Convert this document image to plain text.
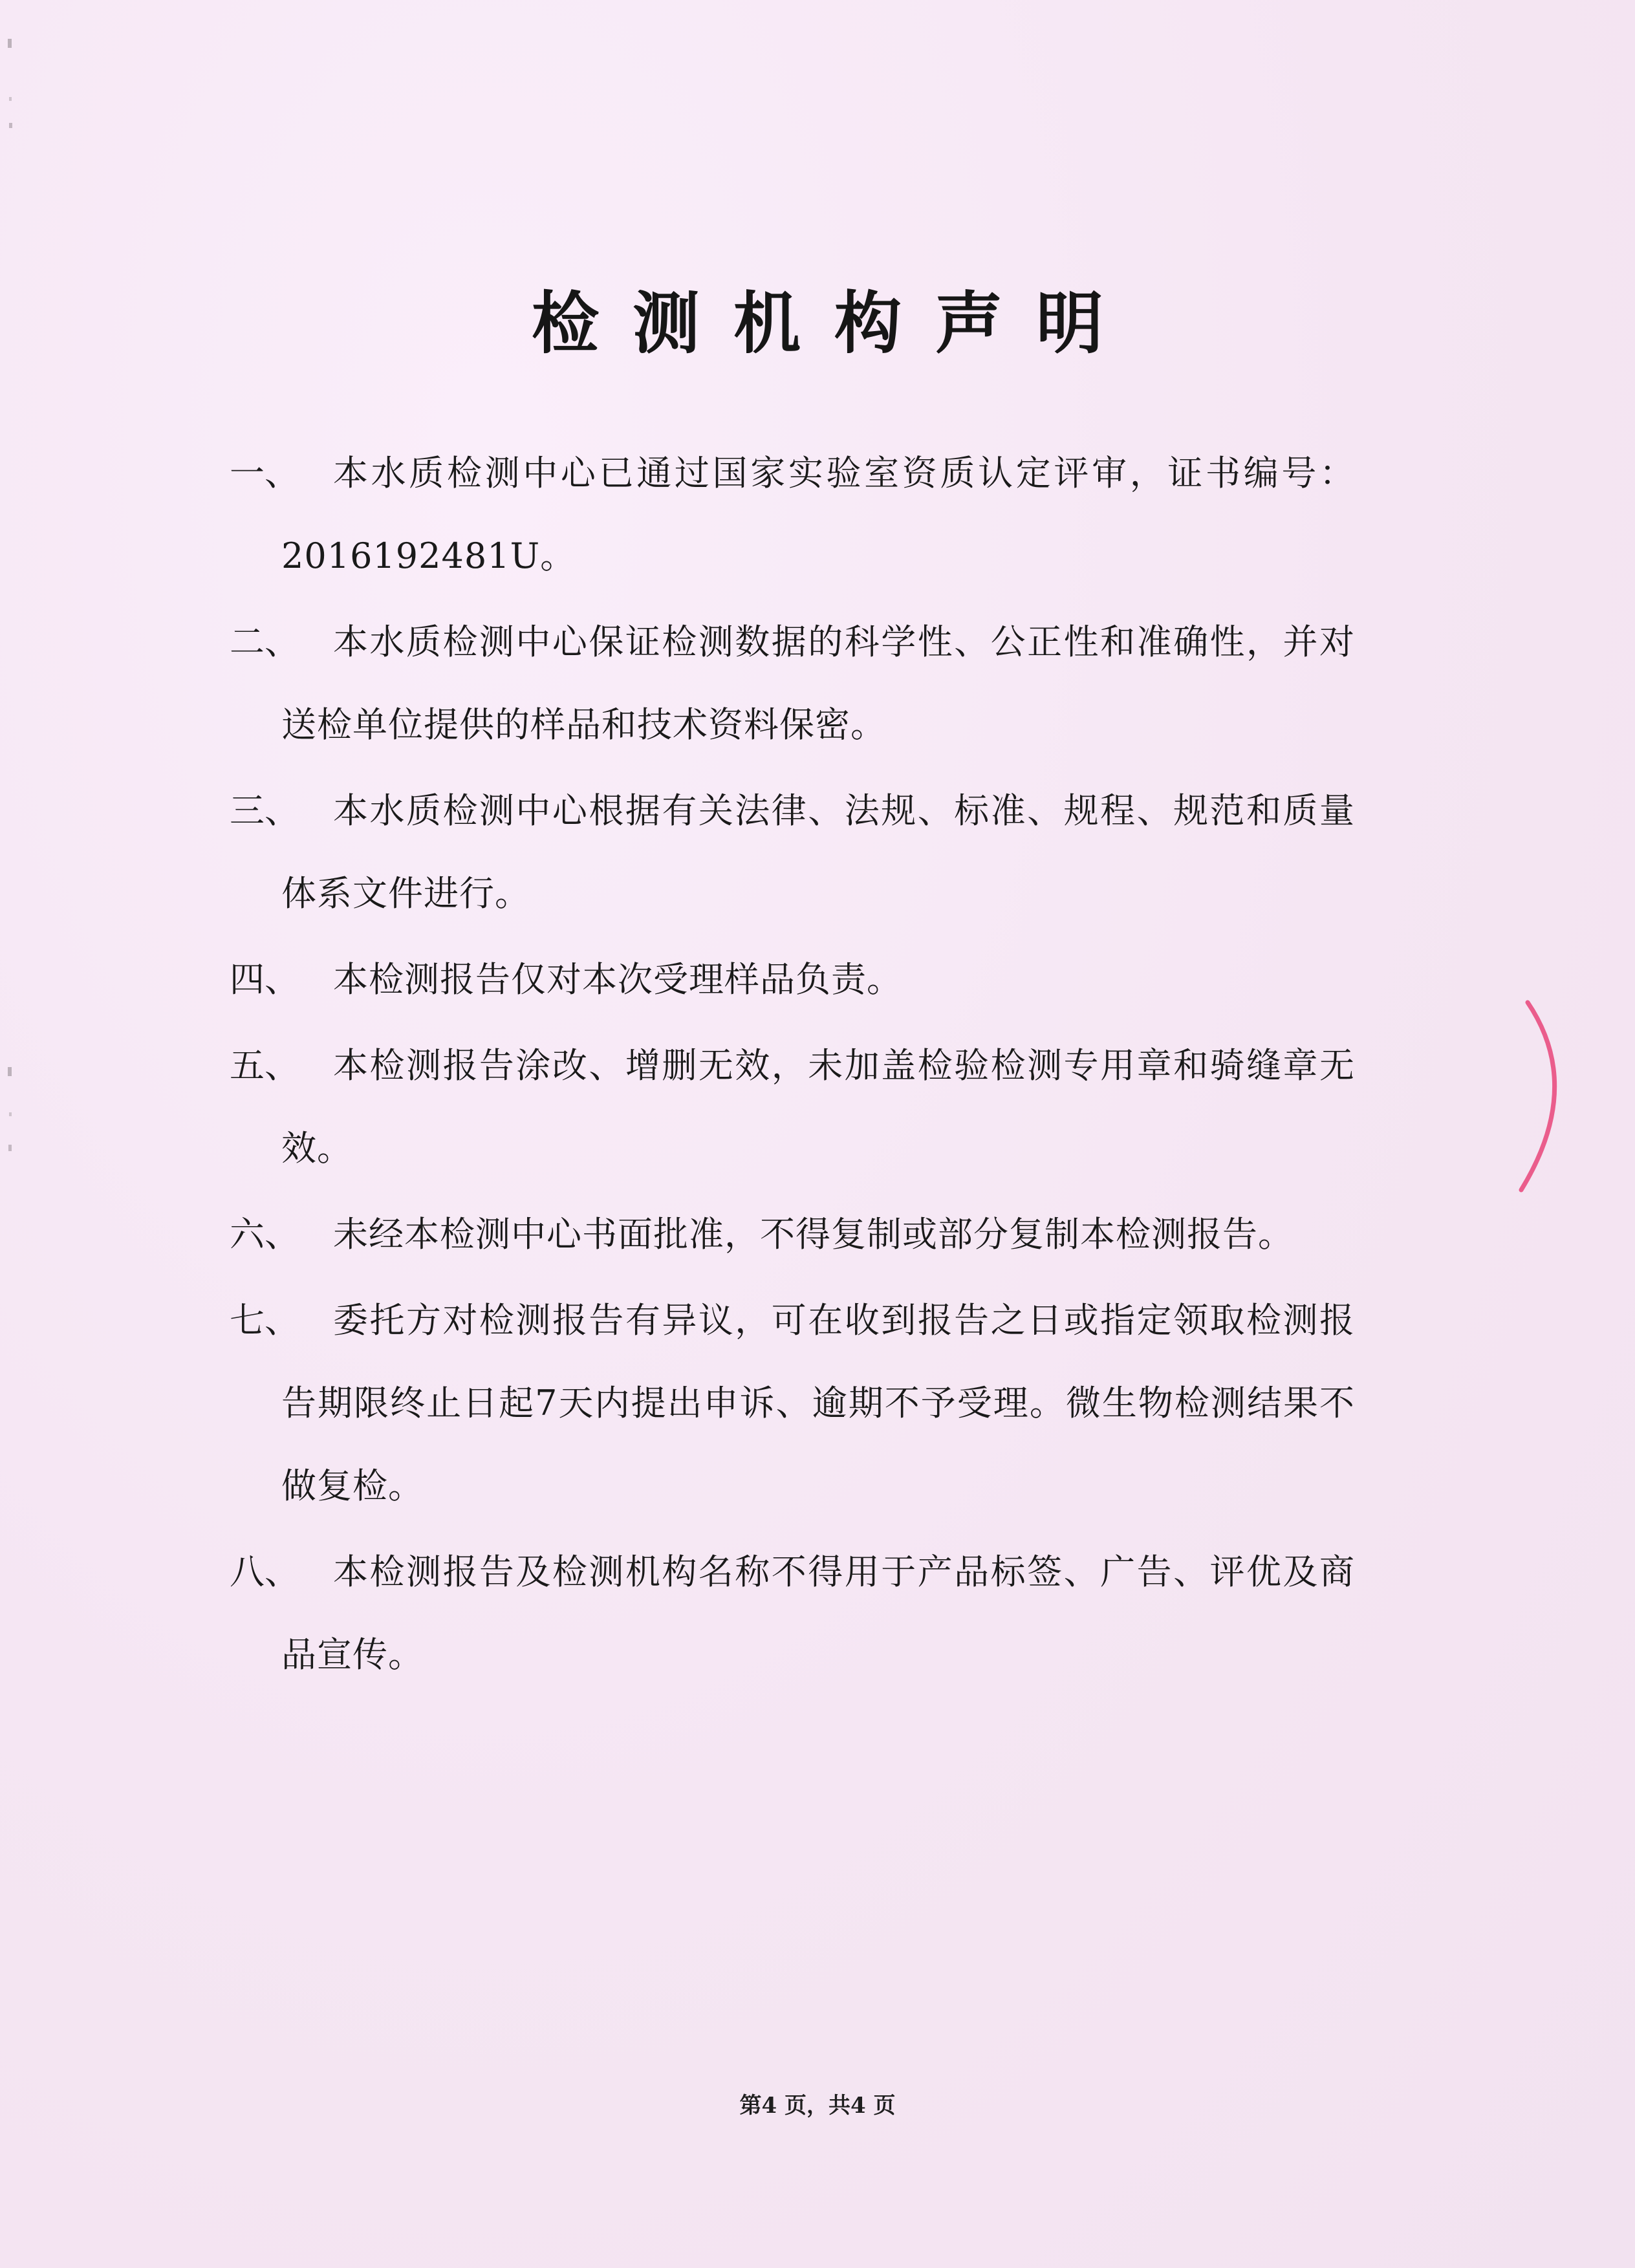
检测机构声明
一、 本水质检测中心已通过国家实验室资质认定评审，证书编号：2016192481U。
二、 本水质检测中心保证检测数据的科学性、公正性和准确性，并对送检单位提供的样品和技术资料保密。
三、 本水质检测中心根据有关法律、法规、标准、规程、规范和质量体系文件进行。
四、 本检测报告仅对本次受理样品负责。
五、 本检测报告涂改、增删无效，未加盖检验检测专用章和骑缝章无效。
六、 未经本检测中心书面批准，不得复制或部分复制本检测报告。
七、 委托方对检测报告有异议，可在收到报告之日或指定领取检测报告期限终止日起7天内提出申诉、逾期不予受理。微生物检测结果不做复检。
八、 本检测报告及检测机构名称不得用于产品标签、广告、评优及商品宣传。
第4 页，共4 页
